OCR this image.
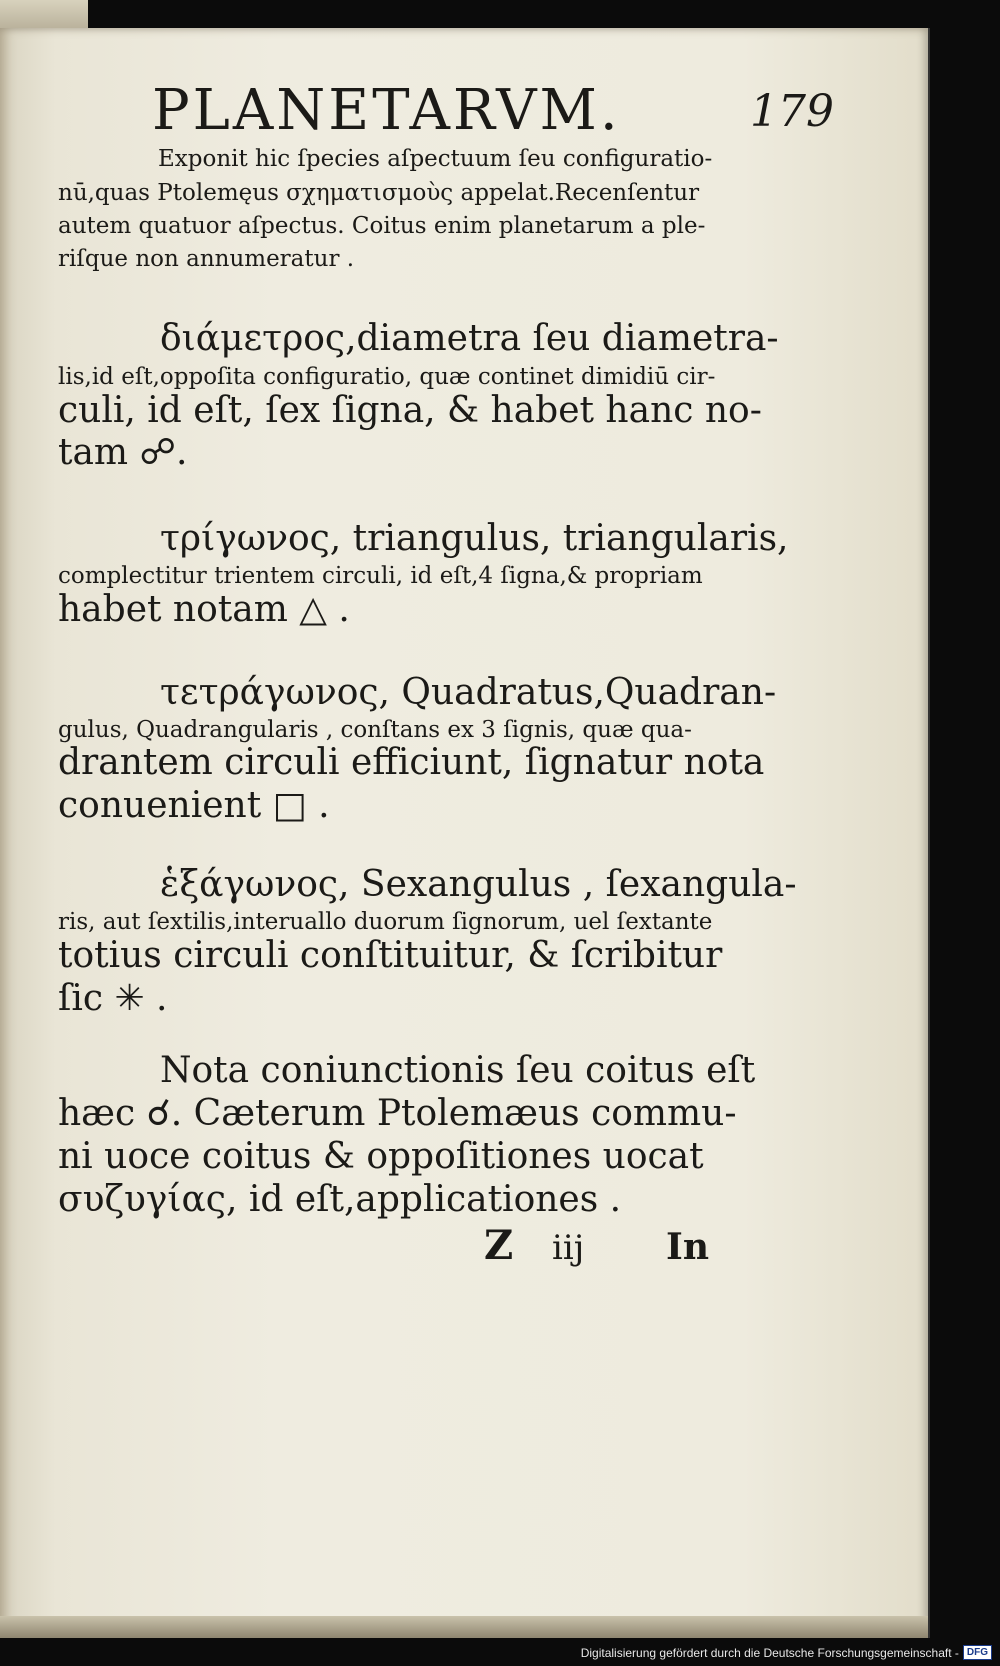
PLANETARVM.	179
Exponit hic ſpecies aſpectuum ſeu configuratio-
nū,quas Ptolemęus σχηματισμοὺς appelat.Recenſentur
autem quatuor aſpectus. Coitus enim planetarum a ple-
riſque non annumeratur .
διάμετρος,diametra ſeu diametra-
lis,id eſt,oppoſita configuratio, quæ continet dimidiū cir-
culi, id eſt, ſex ſigna, & habet hanc no-
tam ☍.
τρίγωνος, triangulus, triangularis,
complectitur trientem circuli, id eſt,4 ſigna,& propriam
habet notam △ .
τετράγωνος, Quadratus,Quadran-
gulus, Quadrangularis , conſtans ex 3 ſignis, quæ qua-
drantem circuli efficiunt, ſignatur nota
conuenient □ .
ἑξάγωνος, Sexangulus , ſexangula-
ris, aut ſextilis,interuallo duorum ſignorum, uel ſextante
totius circuli conſtituitur, & ſcribitur
ſic ✳ .
Nota coniunctionis ſeu coitus eſt
hæc ☌. Cæterum Ptolemæus commu-
ni uoce coitus & oppoſitiones uocat
συζυγίας, id eſt,applicationes .
Z iij In
Digitalisierung gefördert durch die Deutsche Forschungsgemeinschaft - DFG
